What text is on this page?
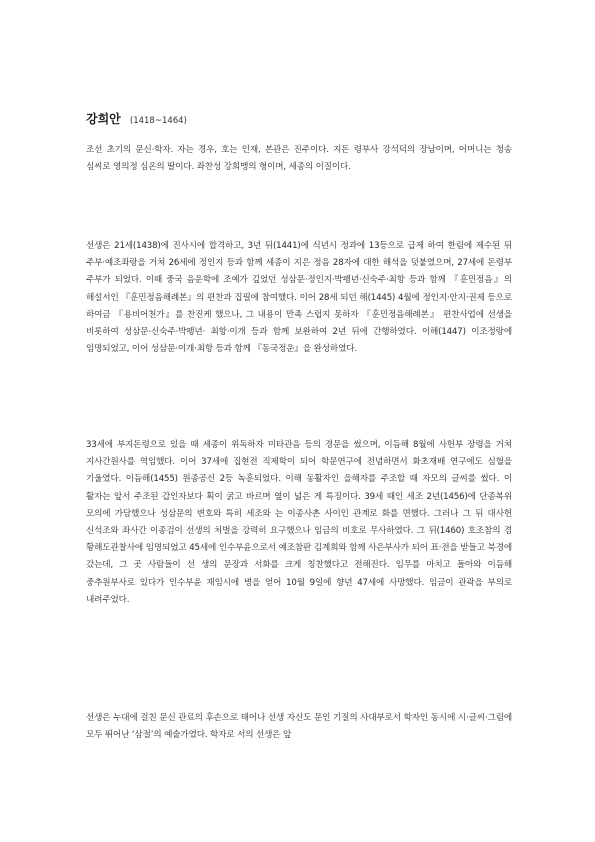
강희안 (1418~1464)

조선 초기의 문신·학자. 자는 경우, 호는 인재, 본관은 진주이다. 지돈 령부사 강석덕의 장남이며, 어머니는 청송 심씨로 영의정 심온의 딸이다. 좌찬성 강희맹의 형이며, 세종의 이질이다.

선생은 21세(1438)에 진사시에 합격하고, 3년 뒤(1441)에 식년시 정과에 13등으로 급제 하여 한림에 제수된 뒤 주부·예조좌랑을 거쳐 26세에 정인지 등과 함께 세종이 지은 정음 28자에 대한 해석을 덧붙였으며, 27세에 돈령부 주부가 되었다. 이때 중국 음운학에 조예가 깊었던 성삼문·정인지·박팽년·신숙주·최항 등과 함께 『훈민정음』의 해설서인 『훈민정음해례본』의 편찬과 집필에 참여했다. 이어 28세 되던 해(1445) 4월에 정인지·안지·권제 등으로 하여금 『용비어천가』를 찬진케 했으나, 그 내용이 만족 스럽지 못하자 『훈민정음해례본』 편찬사업에 선생을 비롯하여 성삼문·신숙주·박팽년· 최항·이개 등과 함께 보완하여 2년 뒤에 간행하였다. 이해(1447) 이조정랑에 임명되었고, 이어 성삼문·이개·최항 등과 함께 『동국정운』을 완성하였다.

33세에 부지돈령으로 있을 때 세종이 위독하자 미타관음 등의 경문을 썼으며, 이듬해 8월에 사헌부 장령을 거쳐 지사간원사를 역임했다. 이어 37세에 집현전 직제학이 되어 학문연구에 전념하면서 화초재배 연구에도 심혈을 기울였다. 이듬해(1455) 원종공신 2등 녹훈되었다. 이해 동활자인 을해자를 주조할 때 자모의 글씨를 썼다. 이 활자는 앞서 주조된 갑인자보다 획이 굵고 바르며 옆이 넓은 게 특징이다. 39세 때인 세조 2년(1456)에 단종복위 모의에 가담했으나 성삼문의 변호와 특히 세조와 는 이종사촌 사이인 관계로 화를 면했다. 그러나 그 뒤 대사헌 신석조와 좌사간 이종검이 선생의 처벌을 강력히 요구했으나 임금의 비호로 무사하였다. 그 뒤(1460) 호조참의 겸 황해도관찰사에 임명되었고 45세에 인수부윤으로서 예조참판 김계희와 함께 사은부사가 되어 표·전을 받들고 북경에 갔는데, 그 곳 사람들이 선 생의 문장과 서화를 크게 칭찬했다고 전해진다. 임무를 마치고 돌아와 이듬해 중추원부사로 있다가 인수부윤 재임시에 병을 얻어 10월 9일에 향년 47세에 사망했다. 임금이 관곽을 부의로 내려주었다.

선생은 누대에 걸친 문신 관료의 후손으로 태어나 선생 자신도 문인 기질의 사대부로서 학자인 동시에 시·글씨·그림에 모두 뛰어난 ‘삼절’의 예술가였다. 학자로 서의 선생은 앞
